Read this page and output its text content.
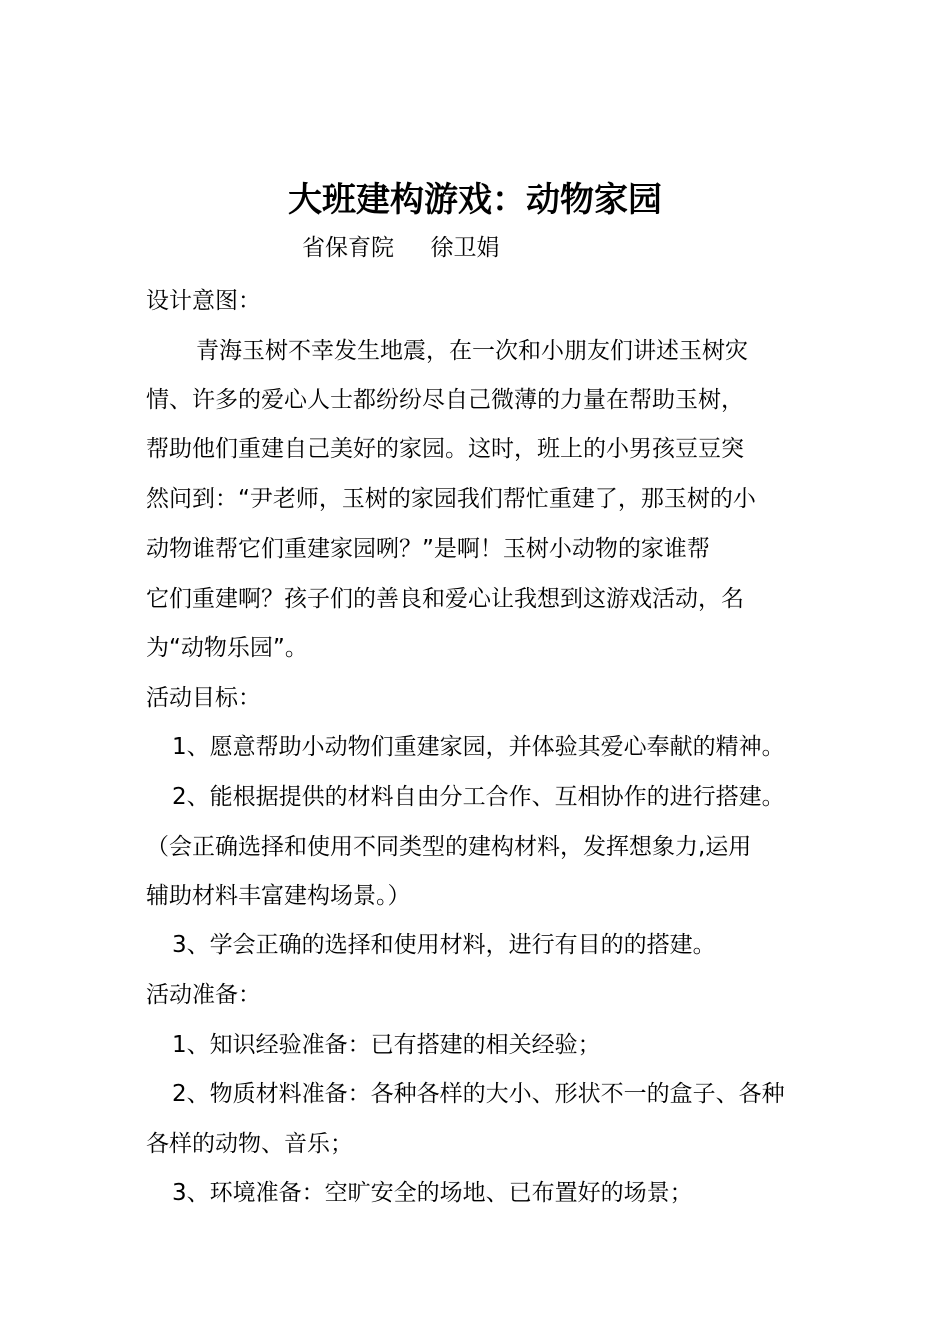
大班建构游戏：动物家园
省保育院     徐卫娟
设计意图：
青海玉树不幸发生地震，在一次和小朋友们讲述玉树灾
情、许多的爱心人士都纷纷尽自己微薄的力量在帮助玉树，
帮助他们重建自己美好的家园。这时，班上的小男孩豆豆突
然问到：“尹老师，玉树的家园我们帮忙重建了，那玉树的小
动物谁帮它们重建家园咧？”是啊！玉树小动物的家谁帮
它们重建啊？孩子们的善良和爱心让我想到这游戏活动，名
为“动物乐园”。
活动目标：
1、愿意帮助小动物们重建家园，并体验其爱心奉献的精神。
2、能根据提供的材料自由分工合作、互相协作的进行搭建。
（会正确选择和使用不同类型的建构材料，发挥想象力,运用
辅助材料丰富建构场景。）
3、学会正确的选择和使用材料，进行有目的的搭建。
活动准备：
1、知识经验准备：已有搭建的相关经验；
2、物质材料准备：各种各样的大小、形状不一的盒子、各种
各样的动物、音乐；
3、环境准备：空旷安全的场地、已布置好的场景；
